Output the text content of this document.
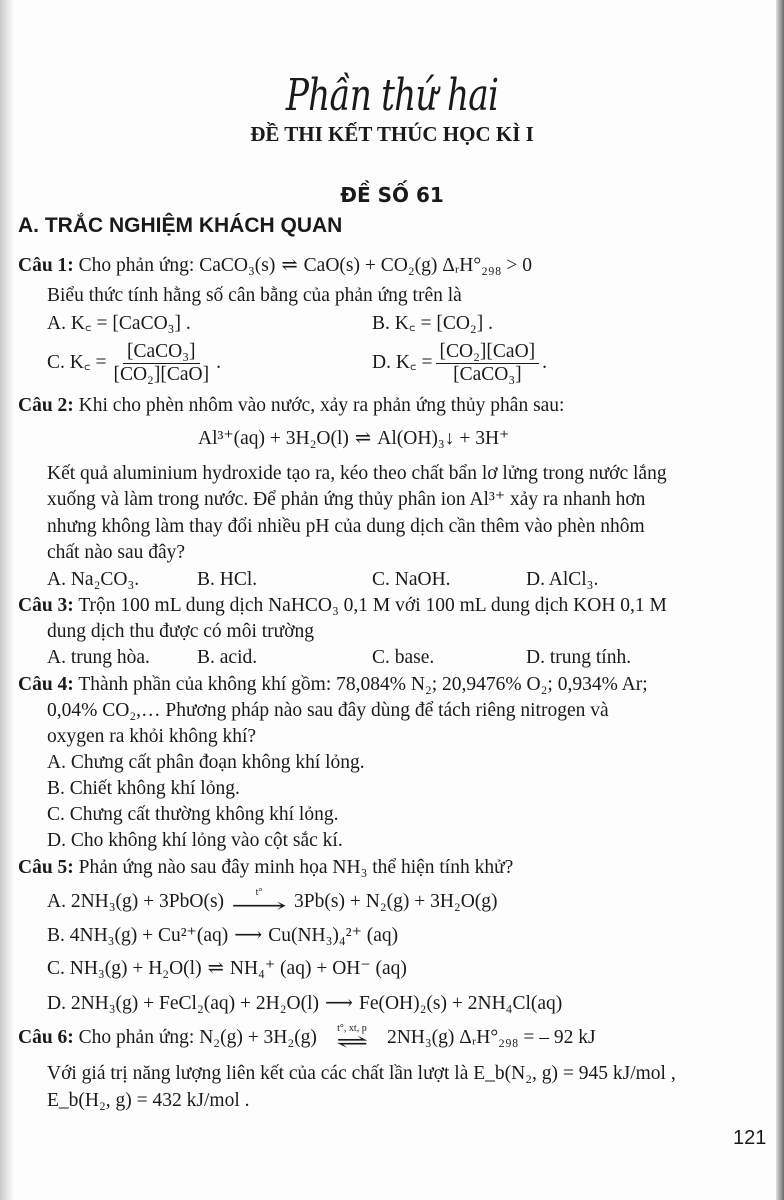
Phần thứ hai
ĐỀ THI KẾT THÚC HỌC KÌ I
ĐỀ SỐ 61
A. TRẮC NGHIỆM KHÁCH QUAN
Câu 1: Cho phản ứng: CaCO₃(s) ⇌ CaO(s) + CO₂(g) ΔᵣH°₂₉₈ > 0
Biểu thức tính hằng số cân bằng của phản ứng trên là
A. K꜀ = [CaCO₃] .	B. K꜀ = [CO₂] .
C. K꜀ = $\frac{\text{[CaCO₃]}}{\text{[CO₂][CaO]}}$ .	D. K꜀ = $\frac{\text{[CO₂][CaO]}}{\text{[CaCO₃]}}$ .
Câu 2: Khi cho phèn nhôm vào nước, xảy ra phản ứng thủy phân sau:
Al³⁺(aq) + 3H₂O(l) ⇌ Al(OH)₃↓ + 3H⁺
Kết quả aluminium hydroxide tạo ra, kéo theo chất bẩn lơ lửng trong nước lắng
xuống và làm trong nước. Để phản ứng thủy phân ion Al³⁺ xảy ra nhanh hơn
nhưng không làm thay đổi nhiều pH của dung dịch cần thêm vào phèn nhôm
chất nào sau đây?
A. Na₂CO₃.	B. HCl.	C. NaOH.	D. AlCl₃.
Câu 3: Trộn 100 mL dung dịch NaHCO₃ 0,1 M với 100 mL dung dịch KOH 0,1 M
dung dịch thu được có môi trường
A. trung hòa. B. acid.	C. base.	D. trung tính.
Câu 4: Thành phần của không khí gồm: 78,084% N₂; 20,9476% O₂; 0,934% Ar;
0,04% CO₂,… Phương pháp nào sau đây dùng để tách riêng nitrogen và
oxygen ra khỏi không khí?
A. Chưng cất phân đoạn không khí lỏng.
B. Chiết không khí lỏng.
C. Chưng cất thường không khí lỏng.
D. Cho không khí lỏng vào cột sắc kí.
Câu 5: Phản ứng nào sau đây minh họa NH₃ thể hiện tính khử?
A. 2NH₃(g) + 3PbO(s)	t°
⟶ 3Pb(s) + N₂(g) + 3H₂O(g)
B. 4NH₃(g) + Cu²⁺(aq) ⟶ Cu(NH₃)₄²⁺ (aq)
C. NH₃(g) + H₂O(l) ⇌ NH₄⁺ (aq) + OH⁻ (aq)
D. 2NH₃(g) + FeCl₂(aq) + 2H₂O(l) ⟶ Fe(OH)₂(s) + 2NH₄Cl(aq)
Câu 6: Cho phản ứng: N₂(g) + 3H₂(g) t°, xt, p
⇌ 2NH₃(g) ΔᵣH°₂₉₈ = – 92 kJ
Với giá trị năng lượng liên kết của các chất lần lượt là E_b(N₂, g) = 945 kJ/mol ,
E_b(H₂, g) = 432 kJ/mol .
121
